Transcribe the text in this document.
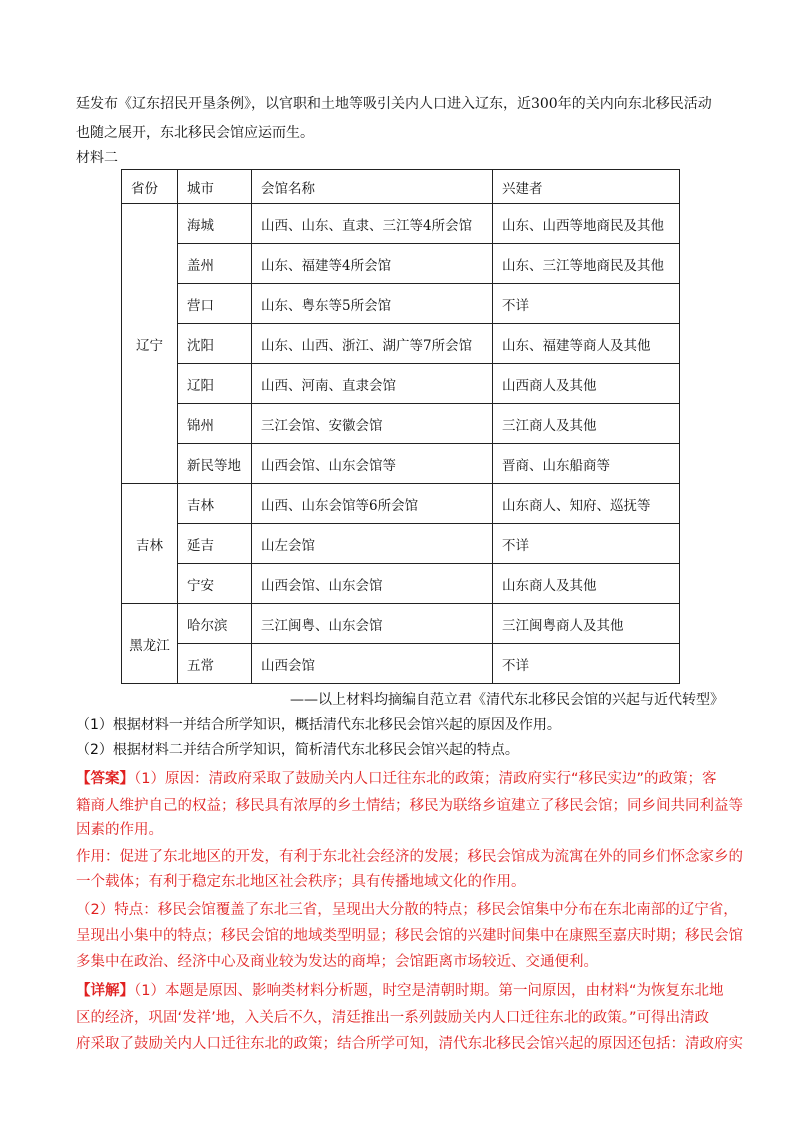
廷发布《辽东招民开垦条例》，以官职和土地等吸引关内人口进入辽东，近300年的关内向东北移民活动
也随之展开，东北移民会馆应运而生。
材料二
省份	城市	会馆名称	兴建者
辽宁	海城	山西、山东、直隶、三江等4所会馆	山东、山西等地商民及其他
	盖州	山东、福建等4所会馆	山东、三江等地商民及其他
	营口	山东、粤东等5所会馆	不详
	沈阳	山东、山西、浙江、湖广等7所会馆	山东、福建等商人及其他
	辽阳	山西、河南、直隶会馆	山西商人及其他
	锦州	三江会馆、安徽会馆	三江商人及其他
	新民等地	山西会馆、山东会馆等	晋商、山东船商等
吉林	吉林	山西、山东会馆等6所会馆	山东商人、知府、巡抚等
	延吉	山左会馆	不详
	宁安	山西会馆、山东会馆	山东商人及其他
黑龙江	哈尔滨	三江闽粤、山东会馆	三江闽粤商人及其他
	五常	山西会馆	不详
——以上材料均摘编自范立君《清代东北移民会馆的兴起与近代转型》
（1）根据材料一并结合所学知识，概括清代东北移民会馆兴起的原因及作用。
（2）根据材料二并结合所学知识，简析清代东北移民会馆兴起的特点。
【答案】（1）原因：清政府采取了鼓励关内人口迁往东北的政策；清政府实行“移民实边”的政策；客
籍商人维护自己的权益；移民具有浓厚的乡土情结；移民为联络乡谊建立了移民会馆；同乡间共同利益等
因素的作用。
作用：促进了东北地区的开发，有利于东北社会经济的发展；移民会馆成为流寓在外的同乡们怀念家乡的
一个载体；有利于稳定东北地区社会秩序；具有传播地域文化的作用。
（2）特点：移民会馆覆盖了东北三省，呈现出大分散的特点；移民会馆集中分布在东北南部的辽宁省，
呈现出小集中的特点；移民会馆的地域类型明显；移民会馆的兴建时间集中在康熙至嘉庆时期；移民会馆
多集中在政治、经济中心及商业较为发达的商埠；会馆距离市场较近、交通便利。
【详解】（1）本题是原因、影响类材料分析题，时空是清朝时期。第一问原因，由材料“为恢复东北地
区的经济，巩固‘发祥’地，入关后不久，清廷推出一系列鼓励关内人口迁往东北的政策。”可得出清政
府采取了鼓励关内人口迁往东北的政策；结合所学可知，清代东北移民会馆兴起的原因还包括：清政府实
